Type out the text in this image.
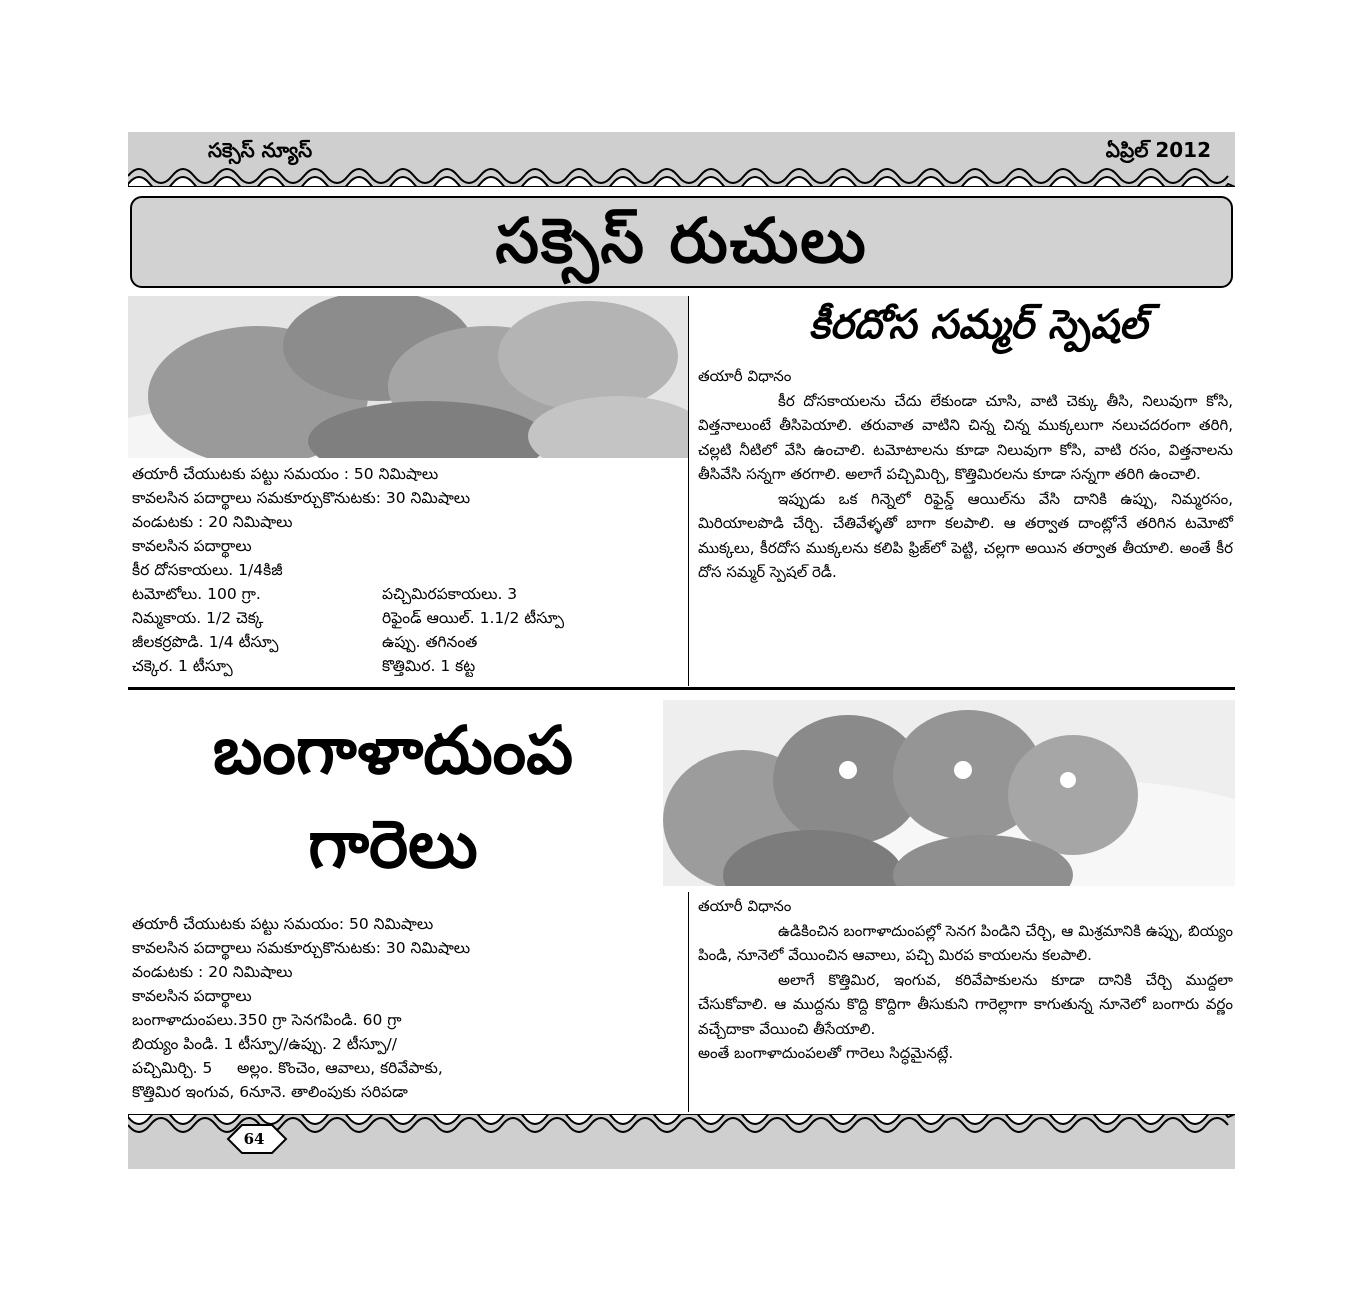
సక్సెస్ న్యూస్	ఏప్రిల్ 2012
సక్సెస్ రుచులు
కీరదోస సమ్మర్ స్పెషల్

తయారీ విధానం

కీర దోసకాయలను చేదు లేకుండా చూసి, వాటి చెక్కు తీసి, నిలువుగా కోసి, విత్తనాలుంటే తీసిపెయాలి. తరువాత వాటిని చిన్న చిన్న ముక్కలుగా నలుచదరంగా తరిగి, చల్లటి నీటిలో వేసి ఉంచాలి. టమోటాలను కూడా నిలువుగా కోసి, వాటి రసం, విత్తనాలను తీసివేసి సన్నగా తరగాలి. అలాగే పచ్చిమిర్చి, కొత్తిమిరలను కూడా సన్నగా తరిగి ఉంచాలి.

ఇప్పుడు ఒక గిన్నెలో రిఫైన్డ్ ఆయిల్‌ను వేసి దానికి ఉప్పు, నిమ్మరసం, మిరియాలపొడి చేర్చి. చేతివేళ్ళతో బాగా కలపాలి. ఆ తర్వాత దాంట్లోనే తరిగిన టమోటో ముక్కలు, కీరదోస ముక్కలను కలిపి ఫ్రిజ్‌లో పెట్టి, చల్లగా అయిన తర్వాత తీయాలి. అంతే కీర దోస సమ్మర్ స్పెషల్ రెడీ.

తయారీ చేయుటకు పట్టు సమయం : 50 నిమిషాలు
కావలసిన పదార్థాలు సమకూర్చుకొనుటకు: 30 నిమిషాలు
వండుటకు : 20 నిమిషాలు
కావలసిన పదార్థాలు
కీర దోసకాయలు. 1/4కిజీ
టమోటోలు. 100 గ్రా.	పచ్చిమిరపకాయలు. 3
నిమ్మకాయ. 1/2 చెక్క	రిఫైండ్ ఆయిల్. 1.1/2 టీస్పూ
జీలకర్రపొడి. 1/4 టీస్పూ	ఉప్పు. తగినంత
చక్కెర. 1 టీస్పూ	కొత్తిమిర. 1 కట్ట
బంగాళాదుంప
గారెలు
తయారీ చేయుటకు పట్టు సమయం: 50 నిమిషాలు
కావలసిన పదార్థాలు సమకూర్చుకొనుటకు: 30 నిమిషాలు
వండుటకు : 20 నిమిషాలు
కావలసిన పదార్థాలు
బంగాళాదుంపలు.350 గ్రా సెనగపిండి. 60 గ్రా
బియ్యం పిండి. 1 టీస్పూ//ఉప్పు. 2 టీస్పూ//
పచ్చిమిర్చి. 5     అల్లం. కొంచెం, ఆవాలు, కరివేపాకు,
కొత్తిమిర ఇంగువ, 6నూనె. తాలింపుకు సరిపడా

తయారీ విధానం

ఉడికించిన బంగాళాదుంపల్లో సెనగ పిండిని చేర్చి, ఆ మిశ్రమానికి ఉప్పు, బియ్యం పిండి, నూనెలో వేయించిన ఆవాలు, పచ్చి మిరప కాయలను కలపాలి.

అలాగే కొత్తిమిర, ఇంగువ, కరివేపాకులను కూడా దానికి చేర్చి ముద్దలా చేసుకోవాలి. ఆ ముద్దను కొద్ది కొద్దిగా తీసుకుని గారెల్లాగా కాగుతున్న నూనెలో బంగారు వర్ణం వచ్చేదాకా వేయించి తీసేయాలి.

అంతే బంగాళాదుంపలతో గారెలు సిద్ధమైనట్లే.

64
